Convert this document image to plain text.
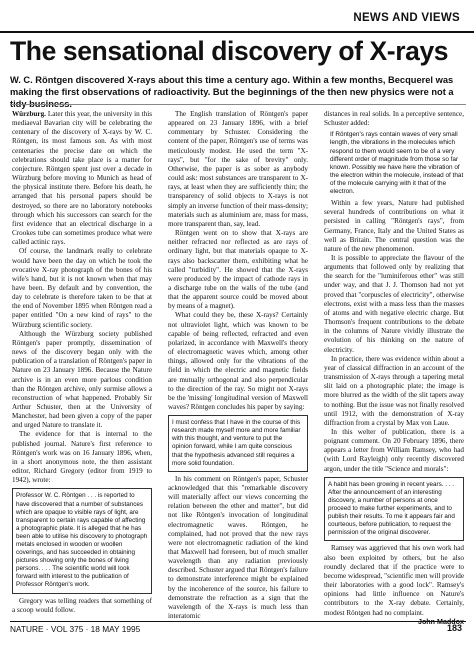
NEWS AND VIEWS
The sensational discovery of X-rays
W. C. Röntgen discovered X-rays about this time a century ago. Within a few months, Becquerel was making the first observations of radioactivity. But the beginnings of the then new physics were not a tidy business.

Würzburg. Later this year, the university in this mediaeval Bavarian city will be celebrating the centenary of the discovery of X-rays by W. C. Röntgen, its most famous son. As with most centenaries the precise date on which the celebrations should take place is a matter for conjecture. Röntgen spent just over a decade in Würzburg before moving to Munich as head of the physical institute there. Before his death, he arranged that his personal papers should be destroyed, so there are no laboratory notebooks through which his successors can search for the first evidence that an electrical discharge in a Crookes tube can sometimes produce what were called actinic rays.

Of course, the landmark really to celebrate would have been the day on which he took the evocative X-ray photograph of the bones of his wife's hand, but it is not known when that may have been. By default and by convention, the day to celebrate is therefore taken to be that at the end of November 1895 when Röntgen read a paper entitled "On a new kind of rays" to the Würzburg scientific society.

Although the Würzburg society published Röntgen's paper promptly, dissemination of news of the discovery began only with the publication of a translation of Röntgen's paper in Nature on 23 January 1896. Because the Nature archive is in an even more parlous condition than the Röntgen archive, only surmise allows a reconstruction of what happened. Probably Sir Arthur Schuster, then at the University of Manchester, had been given a copy of the paper and urged Nature to translate it.

The evidence for that is internal to the published journal. Nature's first reference to Röntgen's work was on 16 January 1896, when, in a short anonymous note, the then assistant editor, Richard Gregory (editor from 1919 to 1942), wrote:

Professor W. C. Röntgen . . . is reported to have discovered that a number of substances which are opaque to visible rays of light, are transparent to certain rays capable of affecting a photographic plate. It is alleged that he has been able to utilise his discovery to photograph metals enclosed in wooden or woollen coverings, and has succeeded in obtaining pictures showing only the bones of living persons. . . . The scientific world will look forward with interest to the publication of Professor Röntgen's work.

Gregory was telling readers that something of a scoop would follow.

The English translation of Röntgen's paper appeared on 23 January 1896, with a brief commentary by Schuster. Considering the content of the paper, Röntgen's use of terms was meticulously modest. He used the term "X-rays", but "for the sake of brevity" only. Otherwise, the paper is as sober as anybody could ask: most substances are transparent to X-rays, at least when they are sufficiently thin; the transparency of solid objects to X-rays is not simply an inverse function of their mass-density; materials such as aluminium are, mass for mass, more transparent than, say, lead.

Röntgen went on to show that X-rays are neither refracted nor reflected as are rays of ordinary light, but that materials opaque to X-rays also backscatter them, exhibiting what he called "turbidity". He showed that the X-rays were produced by the impact of cathode rays in a discharge tube on the walls of the tube (and that the apparent source could be moved about by means of a magnet).

What could they be, these X-rays? Certainly not ultraviolet light, which was known to be capable of being reflected, refracted and even polarized, in accordance with Maxwell's theory of electromagnetic waves which, among other things, allowed only for the vibrations of the field in which the electric and magnetic fields are mutually orthogonal and also perpendicular to the direction of the ray. So might not X-rays be the 'missing' longitudinal version of Maxwell waves? Röntgen concludes his paper by saying:

I must confess that I have in the course of this research made myself more and more familiar with this thought, and venture to put the opinion forward, while I am quite conscious that the hypothesis advanced still requires a more solid foundation.

In his comment on Röntgen's paper, Schuster acknowledged that this "remarkable discovery will materially affect our views concerning the relation between the ether and matter", but did not like Röntgen's invocation of longitudinal electromagnetic waves. Röntgen, he complained, had not proved that the new rays were not electromagnetic radiation of the kind that Maxwell had foreseen, but of much smaller wavelength than any radiation previously described. Schuster argued that Röntgen's failure to demonstrate interference might be explained by the incoherence of the source, his failure to demonstrate the refraction as a sign that the wavelength of the X-rays is much less than interatomic

distances in real solids. In a perceptive sentence, Schuster added:

If Röntgen's rays contain waves of very small length, the vibrations in the molecules which respond to them would seem to be of a very different order of magnitude from those so far known. Possibly we have here the vibration of the electron within the molecule, instead of that of the molecule carrying with it that of the electron.

Within a few years, Nature had published several hundreds of contributions on what it persisted in calling "Röntgen's rays", from Germany, France, Italy and the United States as well as Britain. The central question was the nature of the new phenomenon.

It is possible to appreciate the flavour of the arguments that followed only by realizing that the search for the "luminiferous ether" was still under way, and that J. J. Thomson had not yet proved that "corpuscles of electricity", otherwise electrons, exist with a mass less than the masses of atoms and with negative electric charge. But Thomson's frequent contributions to the debate in the columns of Nature vividly illustrate the evolution of his thinking on the nature of electricity.

In practice, there was evidence within about a year of classical diffraction in an account of the transmission of X-rays through a tapering metal slit laid on a photographic plate; the image is more blurred as the width of the slit tapers away to nothing. But the issue was not finally resolved until 1912, with the demonstration of X-ray diffraction from a crystal by Max von Laue.

In this welter of publication, there is a poignant comment. On 20 February 1896, there appears a letter from William Ramsey, who had (with Lord Rayleigh) only recently discovered argon, under the title "Science and morals":

A habit has been growing in recent years. . . . After the announcement of an interesting discovery, a number of persons at once proceed to make further experiments, and to publish their results. To me it appears fair and courteous, before publication, to request the permission of the original discoverer.

Ramsey was aggrieved that his own work had also been exploited by others, but he also roundly declared that if the practice were to become widespread, "scientific men will provide their laboratories with a good lock". Ramsey's opinions had little influence on Nature's contributors to the X-ray debate. Certainly, modest Röntgen had no complaint.

John Maddox
NATURE · VOL 375 · 18 MAY 1995	183
